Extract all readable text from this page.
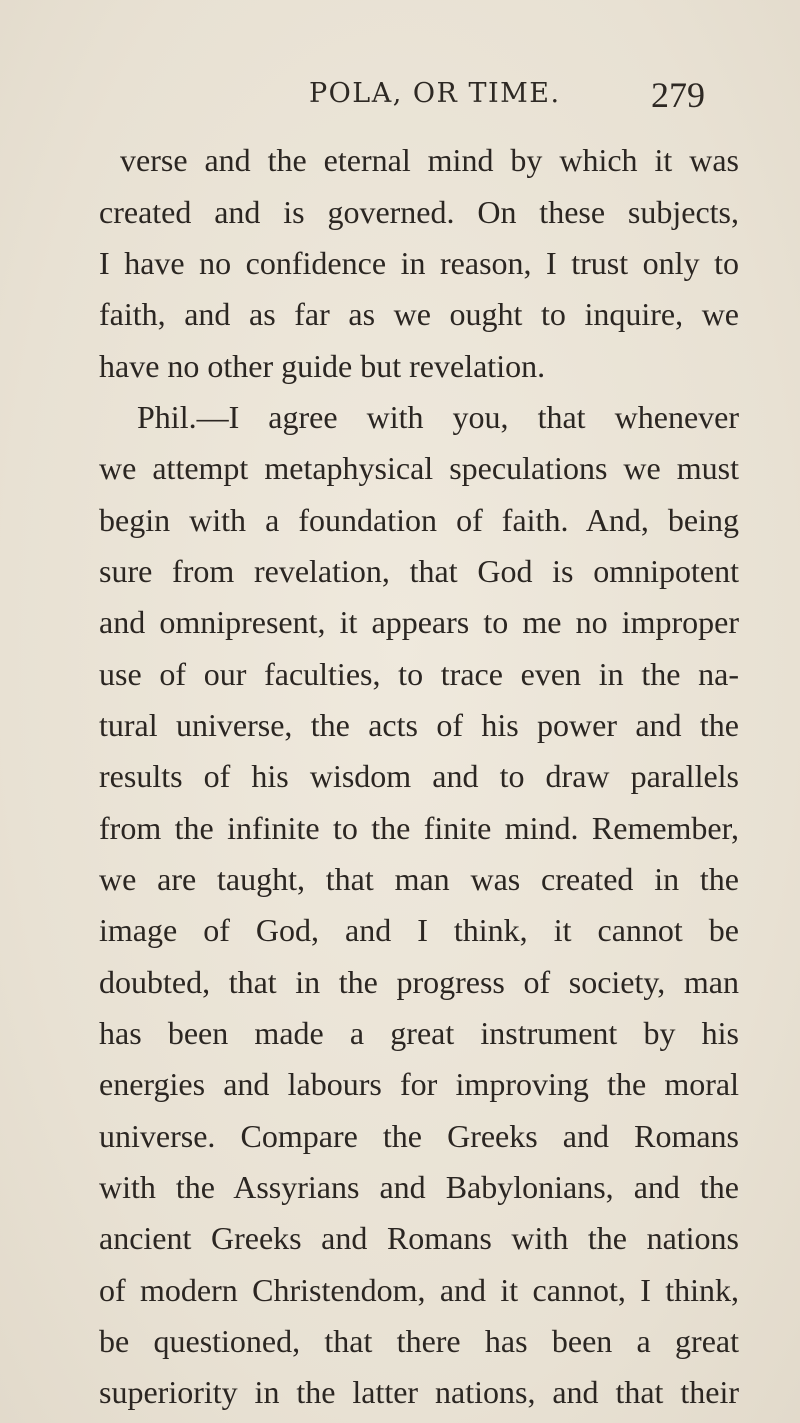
POLA, OR TIME.	279
verse and the eternal mind by which it was
created and is governed. On these subjects,
I have no confidence in reason, I trust only to
faith, and as far as we ought to inquire, we
have no other guide but revelation.
Phil.—I agree with you, that whenever
we attempt metaphysical speculations we must
begin with a foundation of faith. And, being
sure from revelation, that God is omnipotent
and omnipresent, it appears to me no improper
use of our faculties, to trace even in the na-
tural universe, the acts of his power and the
results of his wisdom and to draw parallels
from the infinite to the finite mind. Remember,
we are taught, that man was created in the
image of God, and I think, it cannot be
doubted, that in the progress of society, man
has been made a great instrument by his
energies and labours for improving the moral
universe. Compare the Greeks and Romans
with the Assyrians and Babylonians, and the
ancient Greeks and Romans with the nations
of modern Christendom, and it cannot, I think,
be questioned, that there has been a great
superiority in the latter nations, and that their
